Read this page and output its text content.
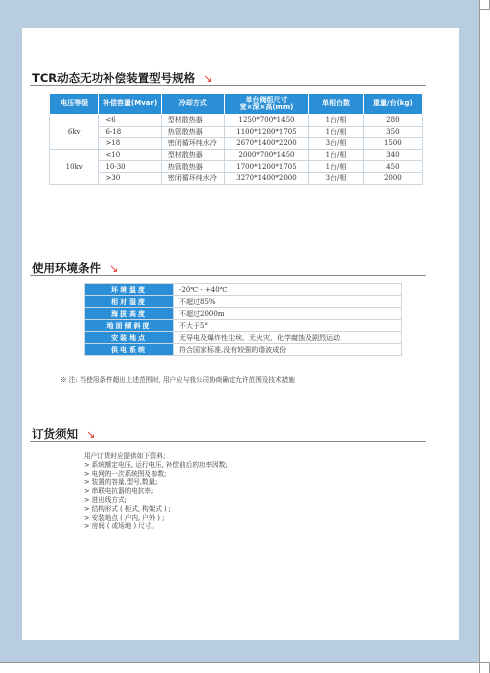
TCR动态无功补偿装置型号规格 ↘
电压等级	补偿容量(Mvar)	冷却方式	单台阀组尺寸
宽×深×高(mm)	单相台数	重量/台(kg)
6kv	<6	型材散热器	1250*700*1450	1台/相	280
	6-18	热管散热器	1100*1200*1705	1台/相	350
	>18	密闭循环纯水冷	2670*1400*2200	3台/相	1500
10kv	<10	型材散热器	2000*700*1450	1台/相	340
	10-30	热管散热器	1700*1200*1705	1台/相	450
	>30	密闭循环纯水冷	3270*1400*2000	3台/相	2000
使用环境条件 ↘
环境温度	-20℃ - +40℃
相对湿度	不超过85%
海拔高度	不超过2000m
地面倾斜度	不大于5°
安装地点	无导电及爆炸性尘埃、无火灾、化学腐蚀及剧烈运动
供电系统	符合国家标准,没有较强的谐波成份
※ 注: 当使用条件超出上述范围时, 用户应与我公司协商确定允许范围及技术措施
订货须知 ↘
用户订货时应提供如下资料;
> 系统额定电压, 运行电压, 补偿前后的功率因数;
> 电网的一次系统图及参数;
> 装置的容量,型号,数量;
> 串联电抗器的电抗率;
> 进出线方式;
> 结构形式 ( 柜式, 构架式 ) ;
> 安装地点 ( 户内, 户外 ) ;
> 房间 ( 或场地 ) 尺寸。
